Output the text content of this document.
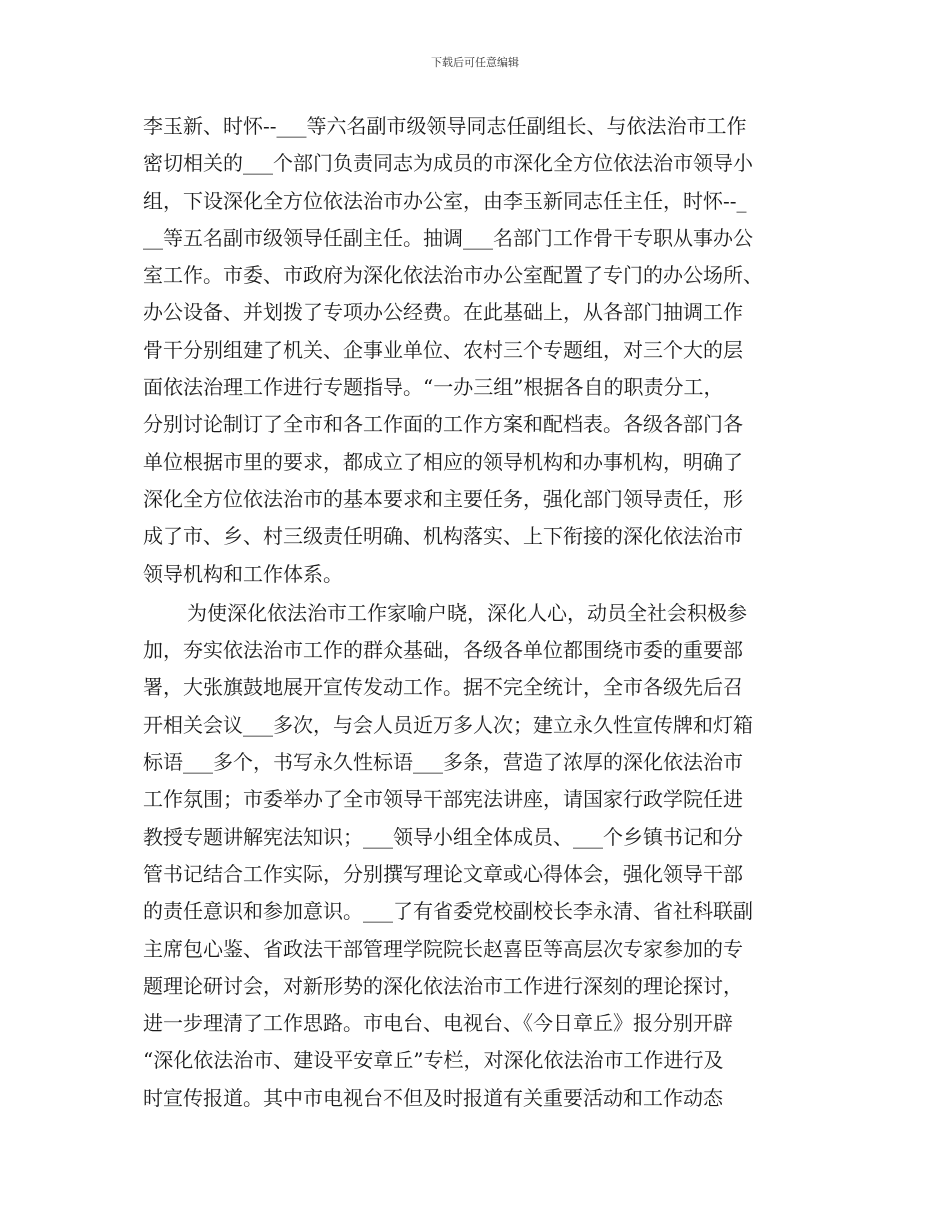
下载后可任意编辑
李玉新、时怀--___等六名副市级领导同志任副组长、与依法治市工作
密切相关的___个部门负责同志为成员的市深化全方位依法治市领导小
组，下设深化全方位依法治市办公室，由李玉新同志任主任，时怀--_
__等五名副市级领导任副主任。抽调___名部门工作骨干专职从事办公
室工作。市委、市政府为深化依法治市办公室配置了专门的办公场所、
办公设备、并划拨了专项办公经费。在此基础上，从各部门抽调工作
骨干分别组建了机关、企事业单位、农村三个专题组，对三个大的层
面依法治理工作进行专题指导。“一办三组”根据各自的职责分工，
分别讨论制订了全市和各工作面的工作方案和配档表。各级各部门各
单位根据市里的要求，都成立了相应的领导机构和办事机构，明确了
深化全方位依法治市的基本要求和主要任务，强化部门领导责任，形
成了市、乡、村三级责任明确、机构落实、上下衔接的深化依法治市
领导机构和工作体系。
为使深化依法治市工作家喻户晓，深化人心，动员全社会积极参
加，夯实依法治市工作的群众基础，各级各单位都围绕市委的重要部
署，大张旗鼓地展开宣传发动工作。据不完全统计，全市各级先后召
开相关会议___多次，与会人员近万多人次；建立永久性宣传牌和灯箱
标语___多个，书写永久性标语___多条，营造了浓厚的深化依法治市
工作氛围；市委举办了全市领导干部宪法讲座，请国家行政学院任进
教授专题讲解宪法知识；___领导小组全体成员、___个乡镇书记和分
管书记结合工作实际，分别撰写理论文章或心得体会，强化领导干部
的责任意识和参加意识。___了有省委党校副校长李永清、省社科联副
主席包心鉴、省政法干部管理学院院长赵喜臣等高层次专家参加的专
题理论研讨会，对新形势的深化依法治市工作进行深刻的理论探讨，
进一步理清了工作思路。市电台、电视台、《今日章丘》报分别开辟
“深化依法治市、建设平安章丘”专栏，对深化依法治市工作进行及
时宣传报道。其中市电视台不但及时报道有关重要活动和工作动态
